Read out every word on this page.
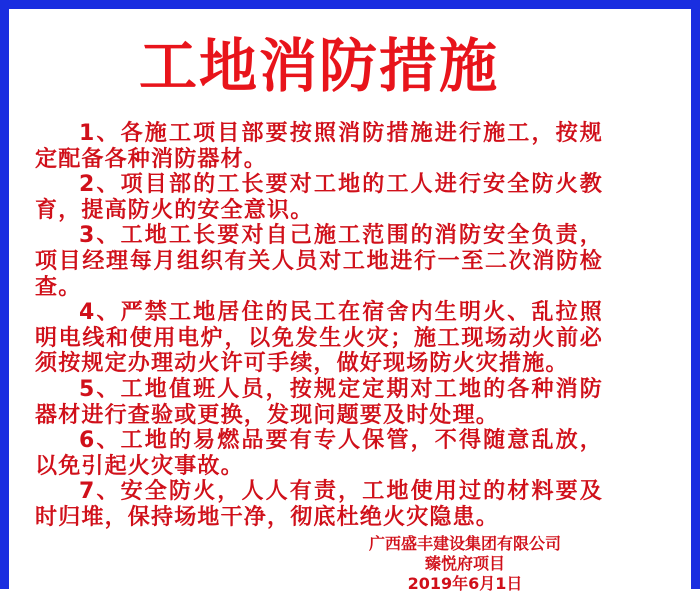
工地消防措施

1、各施工项目部要按照消防措施进行施工，按规定配备各种消防器材。

2、项目部的工长要对工地的工人进行安全防火教育，提高防火的安全意识。

3、工地工长要对自己施工范围的消防安全负责，项目经理每月组织有关人员对工地进行一至二次消防检查。

4、严禁工地居住的民工在宿舍内生明火、乱拉照明电线和使用电炉，以免发生火灾；施工现场动火前必须按规定办理动火许可手续，做好现场防火灾措施。

5、工地值班人员，按规定定期对工地的各种消防器材进行查验或更换，发现问题要及时处理。

6、工地的易燃品要有专人保管，不得随意乱放，以免引起火灾事故。

7、安全防火，人人有责，工地使用过的材料要及时归堆，保持场地干净，彻底杜绝火灾隐患。

广西盛丰建设集团有限公司
臻悦府项目
2019年6月1日
